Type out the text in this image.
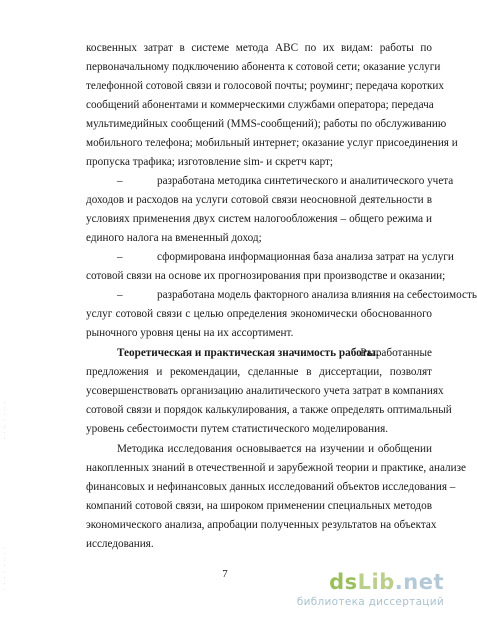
косвенных затрат в системе метода ABC по их видам: работы по
первоначальному подключению абонента к сотовой сети; оказание услуги
телефонной сотовой связи и голосовой почты; роуминг; передача коротких
сообщений абонентами и коммерческими службами оператора; передача
мультимедийных сообщений (MMS-сообщений); работы по обслуживанию
мобильного телефона; мобильный интернет; оказание услуг присоединения и
пропуска трафика; изготовление sim- и скретч карт;
–	разработана методика синтетического и аналитического учета
доходов и расходов на услуги сотовой связи неосновной деятельности в
условиях применения двух систем налогообложения – общего режима и
единого налога на вмененный доход;
–	сформирована информационная база анализа затрат на услуги
сотовой связи на основе их прогнозирования при производстве и оказании;
–	разработана модель факторного анализа влияния на себестоимость
услуг сотовой связи с целью определения экономически обоснованного
рыночного уровня цены на их ассортимент.
Теоретическая и практическая значимость работы.
Разработанные
предложения и рекомендации, сделанные в диссертации, позволят
усовершенствовать организацию аналитического учета затрат в компаниях
сотовой связи и порядок калькулирования, а также определять оптимальный
уровень себестоимости путем статистического моделирования.
Методика исследования основывается на изучении и обобщении
накопленных знаний в отечественной и зарубежной теории и практике, анализе
финансовых и нефинансовых данных исследований объектов исследования –
компаний сотовой связи, на широком применении специальных методов
экономического анализа, апробации полученных результатов на объектах
исследования.
7
·
:
·
·
:
·
·
·
·
:
·
·
·
·
·	dsLib.net
библиотека диссертаций
